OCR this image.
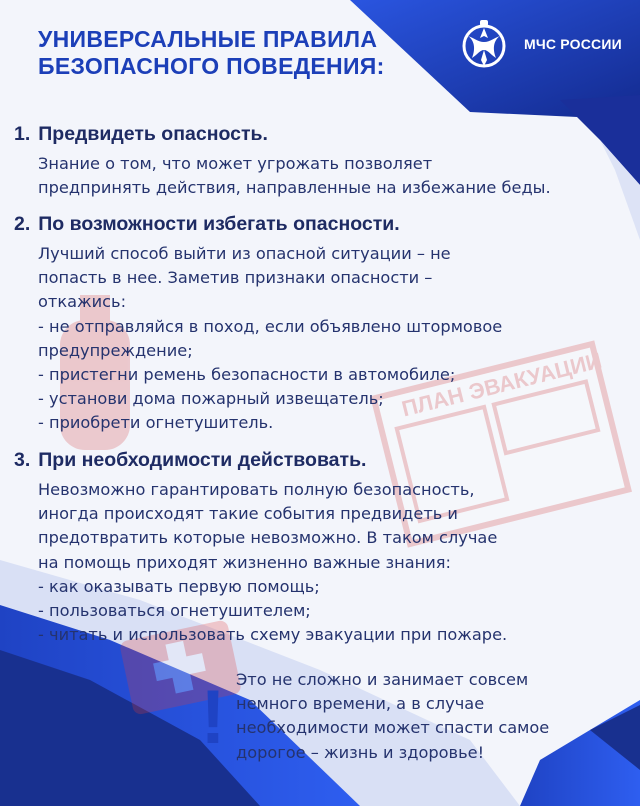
ПЛАН ЭВАКУАЦИИ
УНИВЕРСАЛЬНЫЕ ПРАВИЛА
БЕЗОПАСНОГО ПОВЕДЕНИЯ:
МЧС РОССИИ
1. Предвидеть опасность.

Знание о том, что может угрожать позволяет

предпринять действия, направленные на избежание беды.

2. По возможности избегать опасности.

Лучший способ выйти из опасной ситуации – не

попасть в нее. Заметив признаки опасности –

откажись:

- не отправляйся в поход, если объявлено штормовое

предупреждение;

- пристегни ремень безопасности в автомобиле;
- установи дома пожарный извещатель;
- приобрети огнетушитель.
3. При необходимости действовать.

Невозможно гарантировать полную безопасность,

иногда происходят такие события предвидеть и

предотвратить которые невозможно. В таком случае

на помощь приходят жизненно важные знания:

- как оказывать первую помощь;
- пользоваться огнетушителем;
- читать и использовать схему эвакуации при пожаре.
! Это не сложно и занимает совсем
немного времени, а в случае
необходимости может спасти самое
дорогое – жизнь и здоровье!
